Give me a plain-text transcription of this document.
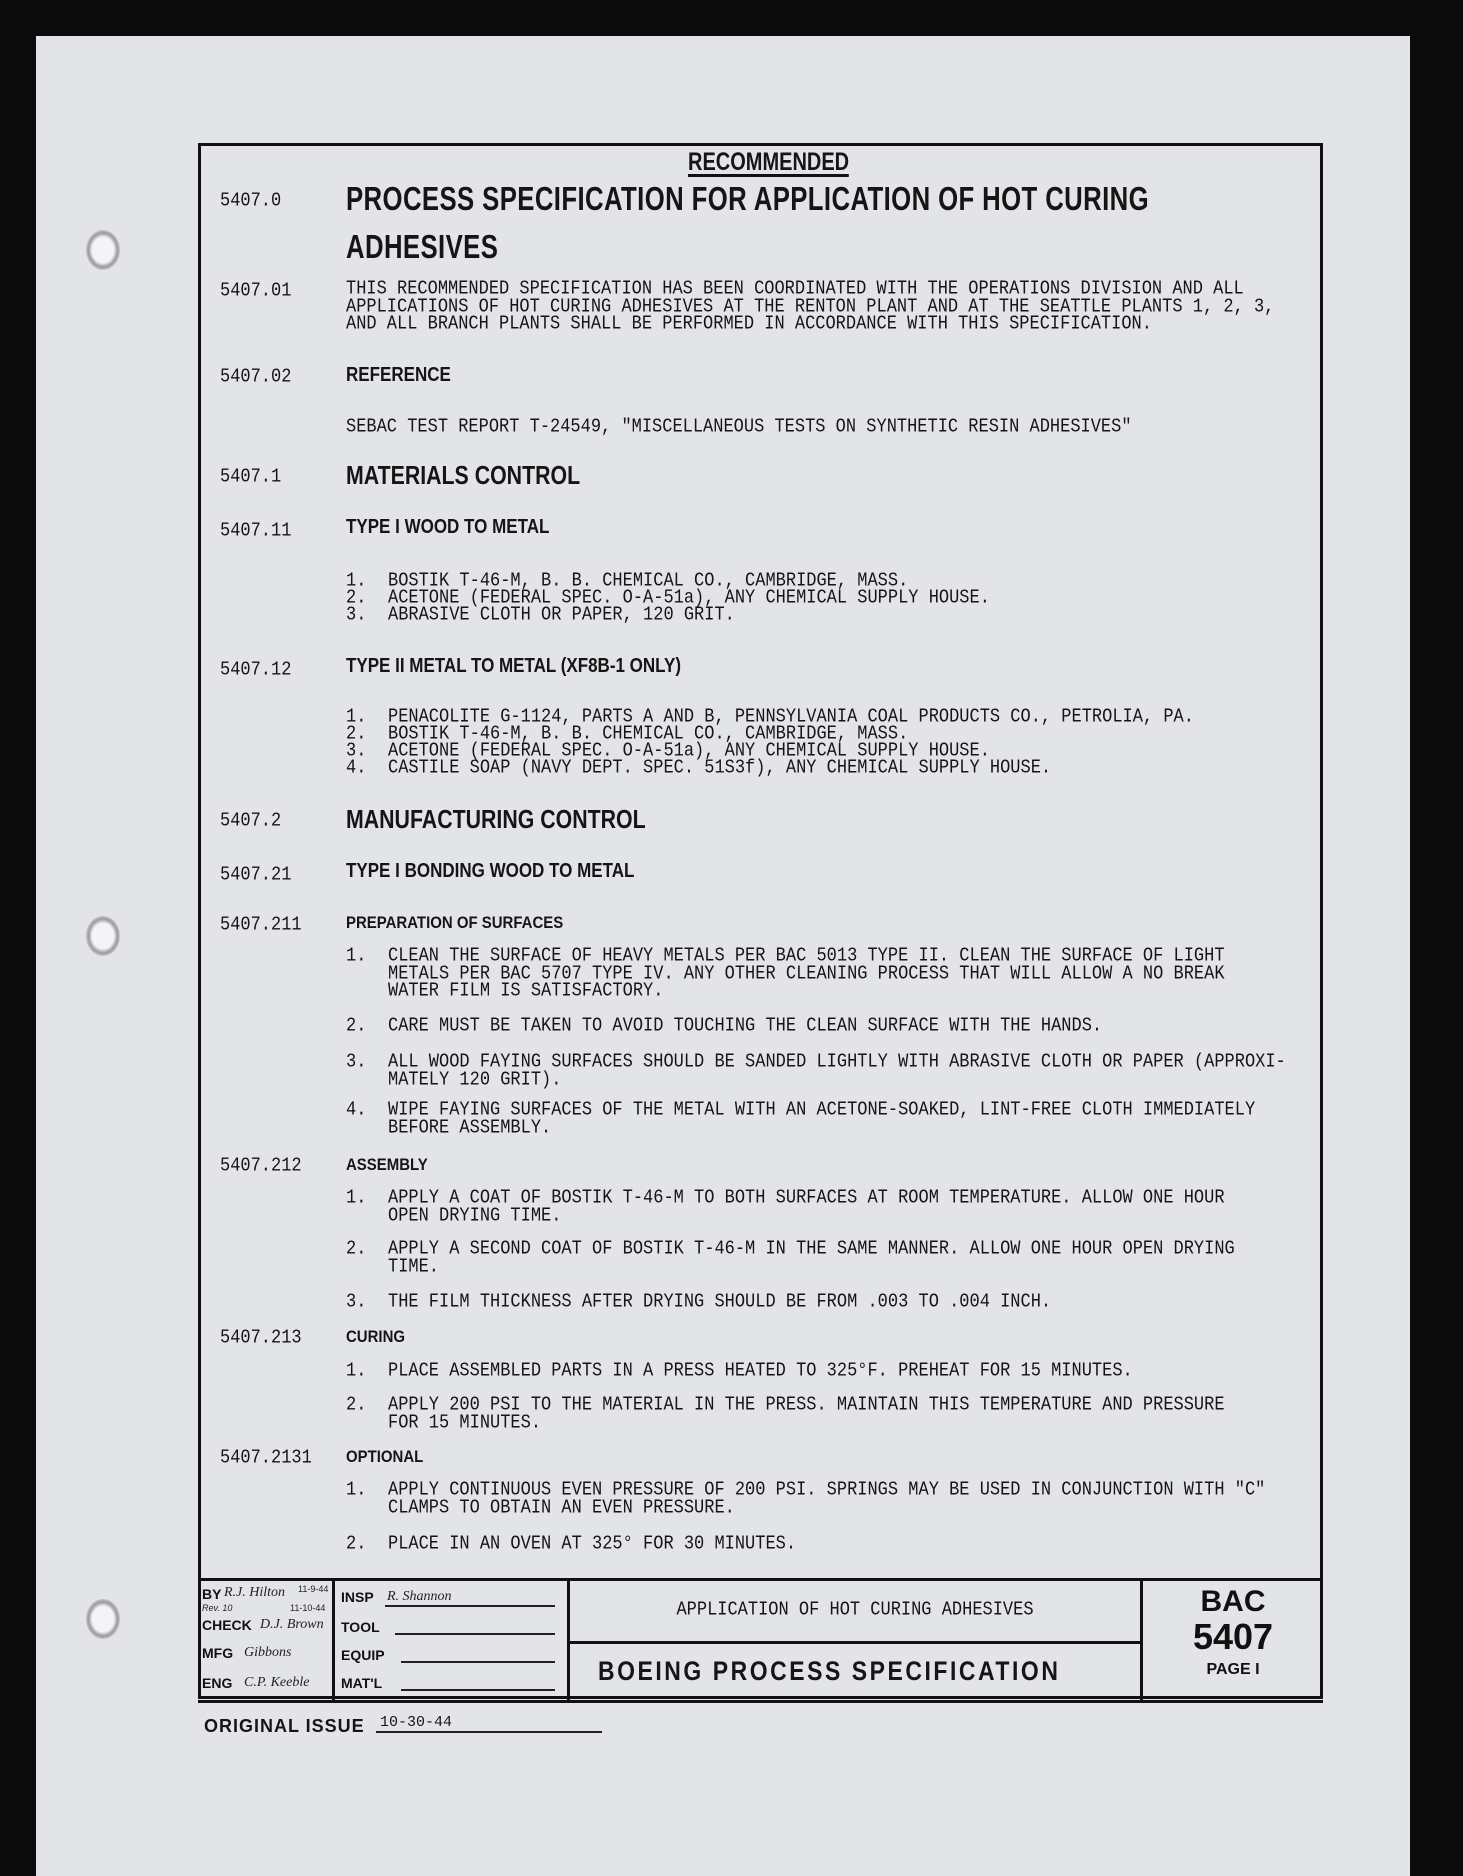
RECOMMENDED
5407.0 PROCESS SPECIFICATION FOR APPLICATION OF HOT CURING
ADHESIVES
5407.01	THIS RECOMMENDED SPECIFICATION HAS BEEN COORDINATED WITH THE OPERATIONS DIVISION AND ALL
APPLICATIONS OF HOT CURING ADHESIVES AT THE RENTON PLANT AND AT THE SEATTLE PLANTS 1, 2, 3,
AND ALL BRANCH PLANTS SHALL BE PERFORMED IN ACCORDANCE WITH THIS SPECIFICATION.
5407.02	REFERENCE
SEBAC TEST REPORT T-24549, "MISCELLANEOUS TESTS ON SYNTHETIC RESIN ADHESIVES"
5407.1 MATERIALS CONTROL
5407.11	TYPE I WOOD TO METAL
1. BOSTIK T-46-M, B. B. CHEMICAL CO., CAMBRIDGE, MASS.
2. ACETONE (FEDERAL SPEC. O-A-51a), ANY CHEMICAL SUPPLY HOUSE.
3. ABRASIVE CLOTH OR PAPER, 120 GRIT.
5407.12	TYPE II METAL TO METAL (XF8B-1 ONLY)
1. PENACOLITE G-1124, PARTS A AND B, PENNSYLVANIA COAL PRODUCTS CO., PETROLIA, PA.
2. BOSTIK T-46-M, B. B. CHEMICAL CO., CAMBRIDGE, MASS.
3. ACETONE (FEDERAL SPEC. O-A-51a), ANY CHEMICAL SUPPLY HOUSE.
4. CASTILE SOAP (NAVY DEPT. SPEC. 51S3f), ANY CHEMICAL SUPPLY HOUSE.
5407.2 MANUFACTURING CONTROL
5407.21	TYPE I BONDING WOOD TO METAL
5407.211	PREPARATION OF SURFACES
1. CLEAN THE SURFACE OF HEAVY METALS PER BAC 5013 TYPE II. CLEAN THE SURFACE OF LIGHT
METALS PER BAC 5707 TYPE IV. ANY OTHER CLEANING PROCESS THAT WILL ALLOW A NO BREAK
WATER FILM IS SATISFACTORY.
2. CARE MUST BE TAKEN TO AVOID TOUCHING THE CLEAN SURFACE WITH THE HANDS.
3. ALL WOOD FAYING SURFACES SHOULD BE SANDED LIGHTLY WITH ABRASIVE CLOTH OR PAPER (APPROXI-
MATELY 120 GRIT).
4. WIPE FAYING SURFACES OF THE METAL WITH AN ACETONE-SOAKED, LINT-FREE CLOTH IMMEDIATELY
BEFORE ASSEMBLY.
5407.212	ASSEMBLY
1. APPLY A COAT OF BOSTIK T-46-M TO BOTH SURFACES AT ROOM TEMPERATURE. ALLOW ONE HOUR
OPEN DRYING TIME.
2. APPLY A SECOND COAT OF BOSTIK T-46-M IN THE SAME MANNER. ALLOW ONE HOUR OPEN DRYING
TIME.
3. THE FILM THICKNESS AFTER DRYING SHOULD BE FROM .003 TO .004 INCH.
5407.213	CURING
1. PLACE ASSEMBLED PARTS IN A PRESS HEATED TO 325°F. PREHEAT FOR 15 MINUTES.
2. APPLY 200 PSI TO THE MATERIAL IN THE PRESS. MAINTAIN THIS TEMPERATURE AND PRESSURE
FOR 15 MINUTES.
5407.2131 OPTIONAL
1. APPLY CONTINUOUS EVEN PRESSURE OF 200 PSI. SPRINGS MAY BE USED IN CONJUNCTION WITH "C"
CLAMPS TO OBTAIN AN EVEN PRESSURE.
2. PLACE IN AN OVEN AT 325° FOR 30 MINUTES.
BY R.J. Hilton 11-9-44
Rev. 10	11-10-44
CHECK D.J. Brown
MFG Gibbons
ENG C.P. Keeble
INSP R. Shannon
TOOL
EQUIP
MAT'L
APPLICATION OF HOT CURING ADHESIVES
BOEING PROCESS SPECIFICATION
BAC
5407
PAGE I
ORIGINAL ISSUE 10-30-44
